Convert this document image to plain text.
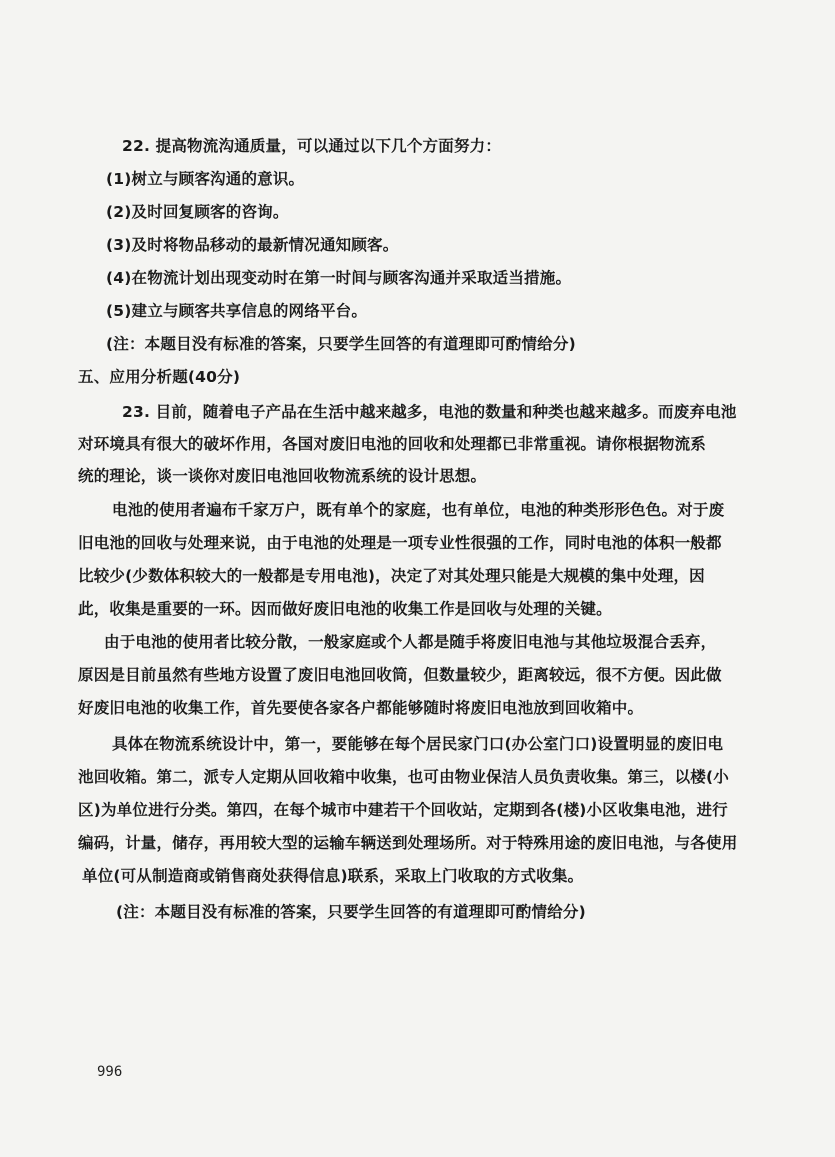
22. 提高物流沟通质量，可以通过以下几个方面努力：
(1)树立与顾客沟通的意识。
(2)及时回复顾客的咨询。
(3)及时将物品移动的最新情况通知顾客。
(4)在物流计划出现变动时在第一时间与顾客沟通并采取适当措施。
(5)建立与顾客共享信息的网络平台。
(注：本题目没有标准的答案，只要学生回答的有道理即可酌情给分)
五、应用分析题(40分)
23. 目前，随着电子产品在生活中越来越多，电池的数量和种类也越来越多。而废弃电池
对环境具有很大的破坏作用，各国对废旧电池的回收和处理都已非常重视。请你根据物流系
统的理论，谈一谈你对废旧电池回收物流系统的设计思想。
电池的使用者遍布千家万户，既有单个的家庭，也有单位，电池的种类形形色色。对于废
旧电池的回收与处理来说，由于电池的处理是一项专业性很强的工作，同时电池的体积一般都
比较少(少数体积较大的一般都是专用电池)，决定了对其处理只能是大规模的集中处理，因
此，收集是重要的一环。因而做好废旧电池的收集工作是回收与处理的关键。
由于电池的使用者比较分散，一般家庭或个人都是随手将废旧电池与其他垃圾混合丢弃，
原因是目前虽然有些地方设置了废旧电池回收筒，但数量较少，距离较远，很不方便。因此做
好废旧电池的收集工作，首先要使各家各户都能够随时将废旧电池放到回收箱中。
具体在物流系统设计中，第一，要能够在每个居民家门口(办公室门口)设置明显的废旧电
池回收箱。第二，派专人定期从回收箱中收集，也可由物业保洁人员负责收集。第三，以楼(小
区)为单位进行分类。第四，在每个城市中建若干个回收站，定期到各(楼)小区收集电池，进行
编码，计量，储存，再用较大型的运输车辆送到处理场所。对于特殊用途的废旧电池，与各使用
单位(可从制造商或销售商处获得信息)联系，采取上门收取的方式收集。
(注：本题目没有标准的答案，只要学生回答的有道理即可酌情给分)
996
